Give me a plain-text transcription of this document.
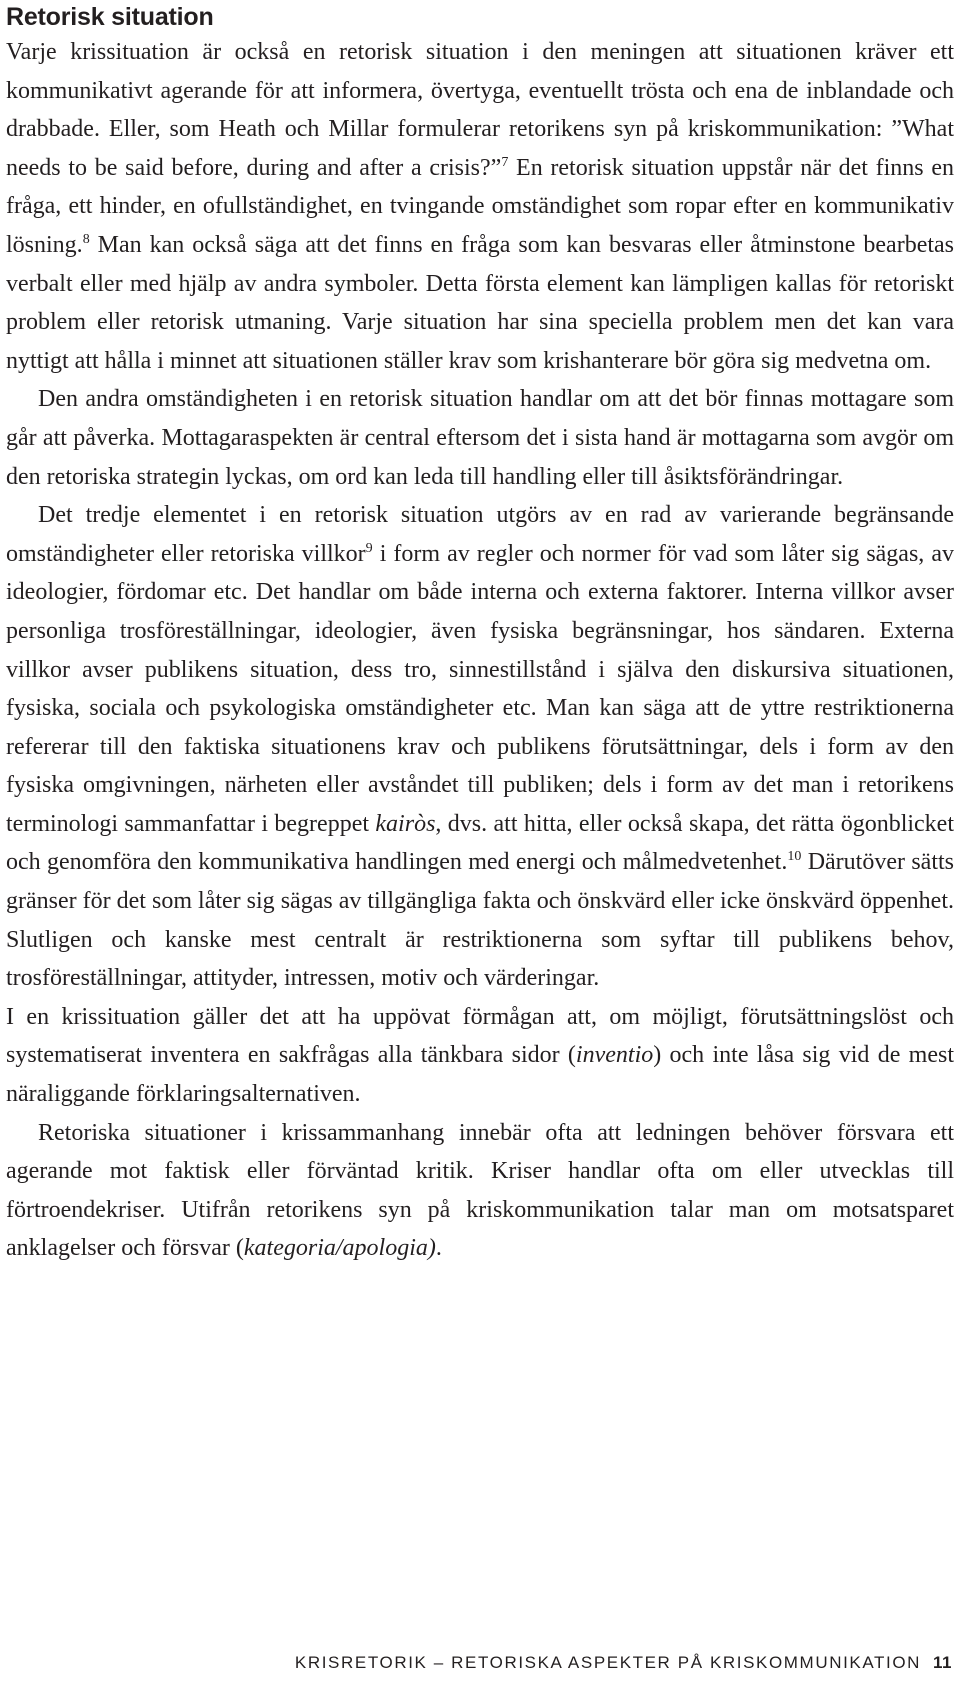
Retorisk situation

Varje krissituation är också en retorisk situation i den meningen att situationen kräver ett kommunikativt agerande för att informera, övertyga, eventuellt trösta och ena de inblandade och drabbade. Eller, som Heath och Millar formulerar retorikens syn på kriskommunikation: ”What needs to be said before, during and after a crisis?”$^7$ En retorisk situation uppstår när det finns en fråga, ett hinder, en ofullständighet, en tvingande omständighet som ropar efter en kommunikativ lösning.$^8$ Man kan också säga att det finns en fråga som kan besvaras eller åtminstone bearbetas verbalt eller med hjälp av andra symboler. Detta första element kan lämpligen kallas för retoriskt problem eller retorisk utmaning. Varje situation har sina speciella problem men det kan vara nyttigt att hålla i minnet att situationen ställer krav som krishanterare bör göra sig medvetna om.

Den andra omständigheten i en retorisk situation handlar om att det bör finnas mottagare som går att påverka. Mottagaraspekten är central eftersom det i sista hand är mottagarna som avgör om den retoriska strategin lyckas, om ord kan leda till handling eller till åsiktsförändringar.

Det tredje elementet i en retorisk situation utgörs av en rad av varierande begränsande omständigheter eller retoriska villkor$^9$ i form av regler och normer för vad som låter sig sägas, av ideologier, fördomar etc. Det handlar om både interna och externa faktorer. Interna villkor avser personliga trosföreställningar, ideologier, även fysiska begränsningar, hos sändaren. Externa villkor avser publikens situation, dess tro, sinnestillstånd i själva den diskursiva situationen, fysiska, sociala och psykologiska omständigheter etc. Man kan säga att de yttre restriktionerna refererar till den faktiska situationens krav och publikens förutsättningar, dels i form av den fysiska omgivningen, närheten eller avståndet till publiken; dels i form av det man i retorikens terminologi sammanfattar i begreppet kairòs, dvs. att hitta, eller också skapa, det rätta ögonblicket och genomföra den kommunikativa handlingen med energi och målmedvetenhet.$^{10}$ Därutöver sätts gränser för det som låter sig sägas av tillgängliga fakta och önskvärd eller icke önskvärd öppenhet. Slutligen och kanske mest centralt är restriktionerna som syftar till publikens behov, trosföreställningar, attityder, intressen, motiv och värderingar.

I en krissituation gäller det att ha uppövat förmågan att, om möjligt, förutsättningslöst och systematiserat inventera en sakfrågas alla tänkbara sidor (inventio) och inte låsa sig vid de mest näraliggande förklaringsalternativen.

Retoriska situationer i krissammanhang innebär ofta att ledningen behöver försvara ett agerande mot faktisk eller förväntad kritik. Kriser handlar ofta om eller utvecklas till förtroendekriser. Utifrån retorikens syn på kriskommunikation talar man om motsatsparet anklagelser och försvar (kategoria/apologia).

KRISRETORIK – RETORISKA ASPEKTER PÅ KRISKOMMUNIKATION 11
